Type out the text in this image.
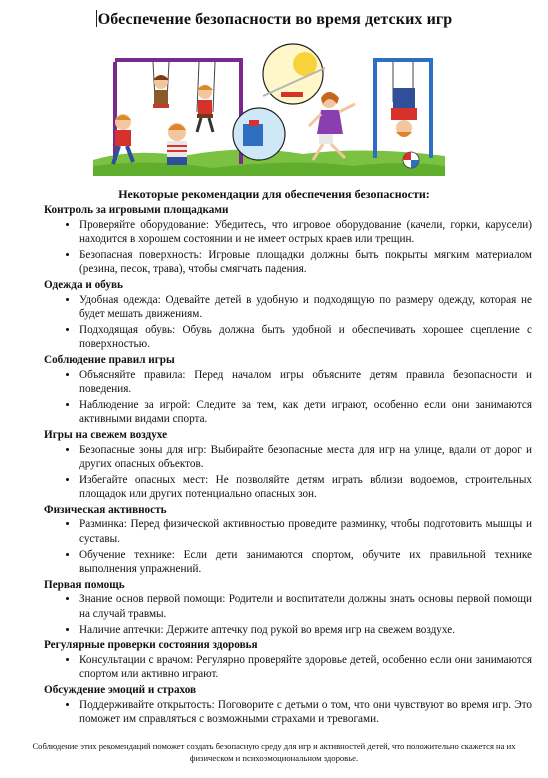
Обеспечение безопасности во время детских игр
Некоторые рекомендации для обеспечения безопасности:

Контроль за игровыми площадками

• Проверяйте оборудование: Убедитесь, что игровое оборудование (качели, горки, карусели) находится в хорошем состоянии и не имеет острых краев или трещин.
• Безопасная поверхность: Игровые площадки должны быть покрыты мягким материалом (резина, песок, трава), чтобы смягчать падения.

Одежда и обувь

• Удобная одежда: Одевайте детей в удобную и подходящую по размеру одежду, которая не будет мешать движениям.
• Подходящая обувь: Обувь должна быть удобной и обеспечивать хорошее сцепление с поверхностью.

Соблюдение правил игры

• Объясняйте правила: Перед началом игры объясните детям правила безопасности и поведения.
• Наблюдение за игрой: Следите за тем, как дети играют, особенно если они занимаются активными видами спорта.

Игры на свежем воздухе

• Безопасные зоны для игр: Выбирайте безопасные места для игр на улице, вдали от дорог и других опасных объектов.
• Избегайте опасных мест: Не позволяйте детям играть вблизи водоемов, строительных площадок или других потенциально опасных зон.

Физическая активность

• Разминка: Перед физической активностью проведите разминку, чтобы подготовить мышцы и суставы.
• Обучение технике: Если дети занимаются спортом, обучите их правильной технике выполнения упражнений.

Первая помощь

• Знание основ первой помощи: Родители и воспитатели должны знать основы первой помощи на случай травмы.
• Наличие аптечки: Держите аптечку под рукой во время игр на свежем воздухе.

Регулярные проверки состояния здоровья

• Консультации с врачом: Регулярно проверяйте здоровье детей, особенно если они занимаются спортом или активно играют.

Обсуждение эмоций и страхов

• Поддерживайте открытость: Поговорите с детьми о том, что они чувствуют во время игр. Это поможет им справляться с возможными страхами и тревогами.
Соблюдение этих рекомендаций поможет создать безопасную среду для игр и активностей детей, что положительно скажется на их физическом и психоэмоциональном здоровье.
